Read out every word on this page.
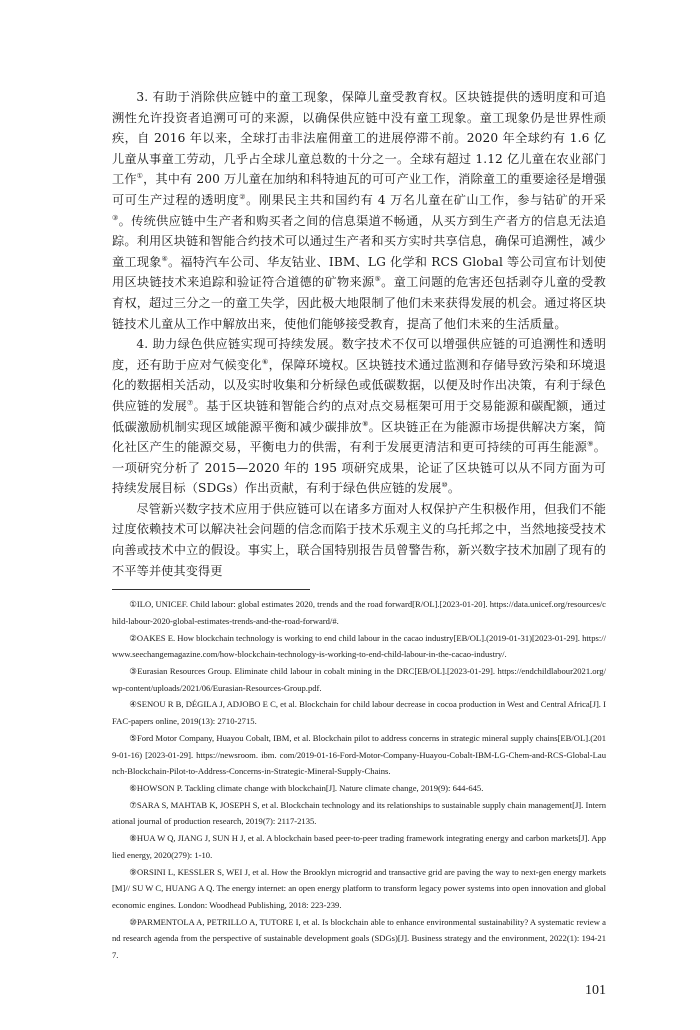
3. 有助于消除供应链中的童工现象，保障儿童受教育权。区块链提供的透明度和可追溯性允许投资者追溯可可的来源，以确保供应链中没有童工现象。童工现象仍是世界性顽疾，自 2016 年以来，全球打击非法雇佣童工的进展停滞不前。2020 年全球约有 1.6 亿儿童从事童工劳动，几乎占全球儿童总数的十分之一。全球有超过 1.12 亿儿童在农业部门工作①，其中有 200 万儿童在加纳和科特迪瓦的可可产业工作，消除童工的重要途径是增强可可生产过程的透明度②。刚果民主共和国约有 4 万名儿童在矿山工作，参与钴矿的开采③。传统供应链中生产者和购买者之间的信息渠道不畅通，从买方到生产者方的信息无法追踪。利用区块链和智能合约技术可以通过生产者和买方实时共享信息，确保可追溯性，减少童工现象④。福特汽车公司、华友钴业、IBM、LG 化学和 RCS Global 等公司宣布计划使用区块链技术来追踪和验证符合道德的矿物来源⑤。童工问题的危害还包括剥夺儿童的受教育权，超过三分之一的童工失学，因此极大地限制了他们未来获得发展的机会。通过将区块链技术儿童从工作中解放出来，使他们能够接受教育，提高了他们未来的生活质量。

4. 助力绿色供应链实现可持续发展。数字技术不仅可以增强供应链的可追溯性和透明度，还有助于应对气候变化⑥，保障环境权。区块链技术通过监测和存储导致污染和环境退化的数据相关活动，以及实时收集和分析绿色或低碳数据，以便及时作出决策，有利于绿色供应链的发展⑦。基于区块链和智能合约的点对点交易框架可用于交易能源和碳配额，通过低碳激励机制实现区域能源平衡和减少碳排放⑧。区块链正在为能源市场提供解决方案，简化社区产生的能源交易，平衡电力的供需，有利于发展更清洁和更可持续的可再生能源⑨。一项研究分析了 2015—2020 年的 195 项研究成果，论证了区块链可以从不同方面为可持续发展目标（SDGs）作出贡献，有利于绿色供应链的发展⑩。

尽管新兴数字技术应用于供应链可以在诸多方面对人权保护产生积极作用，但我们不能过度依赖技术可以解决社会问题的信念而陷于技术乐观主义的乌托邦之中，当然地接受技术向善或技术中立的假设。事实上，联合国特别报告员曾警告称，新兴数字技术加剧了现有的不平等并使其变得更

①ILO, UNICEF. Child labour: global estimates 2020, trends and the road forward[R/OL].[2023-01-20]. https://data.unicef.org/resources/child-labour-2020-global-estimates-trends-and-the-road-forward/#.

②OAKES E. How blockchain technology is working to end child labour in the cacao industry[EB/OL].(2019-01-31)[2023-01-29]. https://www.seechangemagazine.com/how-blockchain-technology-is-working-to-end-child-labour-in-the-cacao-industry/.

③Eurasian Resources Group. Eliminate child labour in cobalt mining in the DRC[EB/OL].[2023-01-29]. https://endchildlabour2021.org/wp-content/uploads/2021/06/Eurasian-Resources-Group.pdf.

④SENOU R B, DÉGILA J, ADJOBO E C, et al. Blockchain for child labour decrease in cocoa production in West and Central Africa[J]. IFAC-papers online, 2019(13): 2710-2715.

⑤Ford Motor Company, Huayou Cobalt, IBM, et al. Blockchain pilot to address concerns in strategic mineral supply chains[EB/OL].(2019-01-16) [2023-01-29]. https://newsroom. ibm. com/2019-01-16-Ford-Motor-Company-Huayou-Cobalt-IBM-LG-Chem-and-RCS-Global-Launch-Blockchain-Pilot-to-Address-Concerns-in-Strategic-Mineral-Supply-Chains.

⑥HOWSON P. Tackling climate change with blockchain[J]. Nature climate change, 2019(9): 644-645.

⑦SARA S, MAHTAB K, JOSEPH S, et al. Blockchain technology and its relationships to sustainable supply chain management[J]. International journal of production research, 2019(7): 2117-2135.

⑧HUA W Q, JIANG J, SUN H J, et al. A blockchain based peer-to-peer trading framework integrating energy and carbon markets[J]. Applied energy, 2020(279): 1-10.

⑨ORSINI L, KESSLER S, WEI J, et al. How the Brooklyn microgrid and transactive grid are paving the way to next-gen energy markets[M]// SU W C, HUANG A Q. The energy internet: an open energy platform to transform legacy power systems into open innovation and global economic engines. London: Woodhead Publishing, 2018: 223-239.

⑩PARMENTOLA A, PETRILLO A, TUTORE I, et al. Is blockchain able to enhance environmental sustainability? A systematic review and research agenda from the perspective of sustainable development goals (SDGs)[J]. Business strategy and the environment, 2022(1): 194-217.

101
